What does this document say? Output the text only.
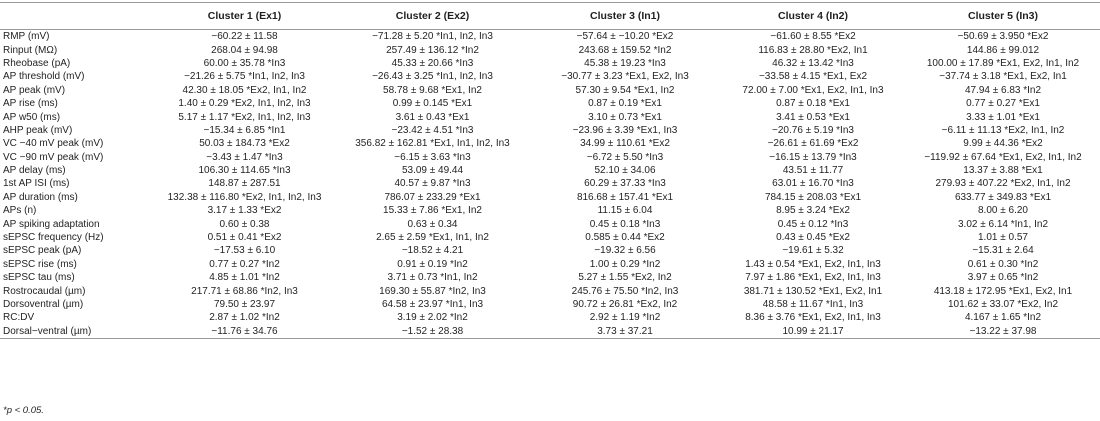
	Cluster 1 (Ex1)	Cluster 2 (Ex2)	Cluster 3 (In1)	Cluster 4 (In2)	Cluster 5 (In3)
RMP (mV)	−60.22 ± 11.58	−71.28 ± 5.20 *In1, In2, In3	−57.64 ± −10.20 *Ex2	−61.60 ± 8.55 *Ex2	−50.69 ± 3.950 *Ex2
Rinput (MΩ)	268.04 ± 94.98	257.49 ± 136.12 *In2	243.68 ± 159.52 *In2	116.83 ± 28.80 *Ex2, In1	144.86 ± 99.012
Rheobase (pA)	60.00 ± 35.78 *In3	45.33 ± 20.66 *In3	45.38 ± 19.23 *In3	46.32 ± 13.42 *In3	100.00 ± 17.89 *Ex1, Ex2, In1, In2
AP threshold (mV)	−21.26 ± 5.75 *In1, In2, In3	−26.43 ± 3.25 *In1, In2, In3	−30.77 ± 3.23 *Ex1, Ex2, In3	−33.58 ± 4.15 *Ex1, Ex2	−37.74 ± 3.18 *Ex1, Ex2, In1
AP peak (mV)	42.30 ± 18.05 *Ex2, In1, In2	58.78 ± 9.68 *Ex1, In2	57.30 ± 9.54 *Ex1, In2	72.00 ± 7.00 *Ex1, Ex2, In1, In3	47.94 ± 6.83 *In2
AP rise (ms)	1.40 ± 0.29 *Ex2, In1, In2, In3	0.99 ± 0.145 *Ex1	0.87 ± 0.19 *Ex1	0.87 ± 0.18 *Ex1	0.77 ± 0.27 *Ex1
AP w50 (ms)	5.17 ± 1.17 *Ex2, In1, In2, In3	3.61 ± 0.43 *Ex1	3.10 ± 0.73 *Ex1	3.41 ± 0.53 *Ex1	3.33 ± 1.01 *Ex1
AHP peak (mV)	−15.34 ± 6.85 *In1	−23.42 ± 4.51 *In3	−23.96 ± 3.39 *Ex1, In3	−20.76 ± 5.19 *In3	−6.11 ± 11.13 *Ex2, In1, In2
VC −40 mV peak (mV)	50.03 ± 184.73 *Ex2	356.82 ± 162.81 *Ex1, In1, In2, In3	34.99 ± 110.61 *Ex2	−26.61 ± 61.69 *Ex2	9.99 ± 44.36 *Ex2
VC −90 mV peak (mV)	−3.43 ± 1.47 *In3	−6.15 ± 3.63 *In3	−6.72 ± 5.50 *In3	−16.15 ± 13.79 *In3	−119.92 ± 67.64 *Ex1, Ex2, In1, In2
AP delay (ms)	106.30 ± 114.65 *In3	53.09 ± 49.44	52.10 ± 34.06	43.51 ± 11.77	13.37 ± 3.88 *Ex1
1st AP ISI (ms)	148.87 ± 287.51	40.57 ± 9.87 *In3	60.29 ± 37.33 *In3	63.01 ± 16.70 *In3	279.93 ± 407.22 *Ex2, In1, In2
AP duration (ms)	132.38 ± 116.80 *Ex2, In1, In2, In3	786.07 ± 233.29 *Ex1	816.68 ± 157.41 *Ex1	784.15 ± 208.03 *Ex1	633.77 ± 349.83 *Ex1
APs (n)	3.17 ± 1.33 *Ex2	15.33 ± 7.86 *Ex1, In2	11.15 ± 6.04	8.95 ± 3.24 *Ex2	8.00 ± 6.20
AP spiking adaptation	0.60 ± 0.38	0.63 ± 0.34	0.45 ± 0.18 *In3	0.45 ± 0.12 *In3	3.02 ± 6.14 *In1, In2
sEPSC frequency (Hz)	0.51 ± 0.41 *Ex2	2.65 ± 2.59 *Ex1, In1, In2	0.585 ± 0.44 *Ex2	0.43 ± 0.45 *Ex2	1.01 ± 0.57
sEPSC peak (pA)	−17.53 ± 6.10	−18.52 ± 4.21	−19.32 ± 6.56	−19.61 ± 5.32	−15.31 ± 2.64
sEPSC rise (ms)	0.77 ± 0.27 *In2	0.91 ± 0.19 *In2	1.00 ± 0.29 *In2	1.43 ± 0.54 *Ex1, Ex2, In1, In3	0.61 ± 0.30 *In2
sEPSC tau (ms)	4.85 ± 1.01 *In2	3.71 ± 0.73 *In1, In2	5.27 ± 1.55 *Ex2, In2	7.97 ± 1.86 *Ex1, Ex2, In1, In3	3.97 ± 0.65 *In2
Rostrocaudal (µm)	217.71 ± 68.86 *In2, In3	169.30 ± 55.87 *In2, In3	245.76 ± 75.50 *In2, In3	381.71 ± 130.52 *Ex1, Ex2, In1	413.18 ± 172.95 *Ex1, Ex2, In1
Dorsoventral (µm)	79.50 ± 23.97	64.58 ± 23.97 *In1, In3	90.72 ± 26.81 *Ex2, In2	48.58 ± 11.67 *In1, In3	101.62 ± 33.07 *Ex2, In2
RC:DV	2.87 ± 1.02 *In2	3.19 ± 2.02 *In2	2.92 ± 1.19 *In2	8.36 ± 3.76 *Ex1, Ex2, In1, In3	4.167 ± 1.65 *In2
Dorsal−ventral (µm)	−11.76 ± 34.76	−1.52 ± 28.38	3.73 ± 37.21	10.99 ± 21.17	−13.22 ± 37.98
*p < 0.05.
